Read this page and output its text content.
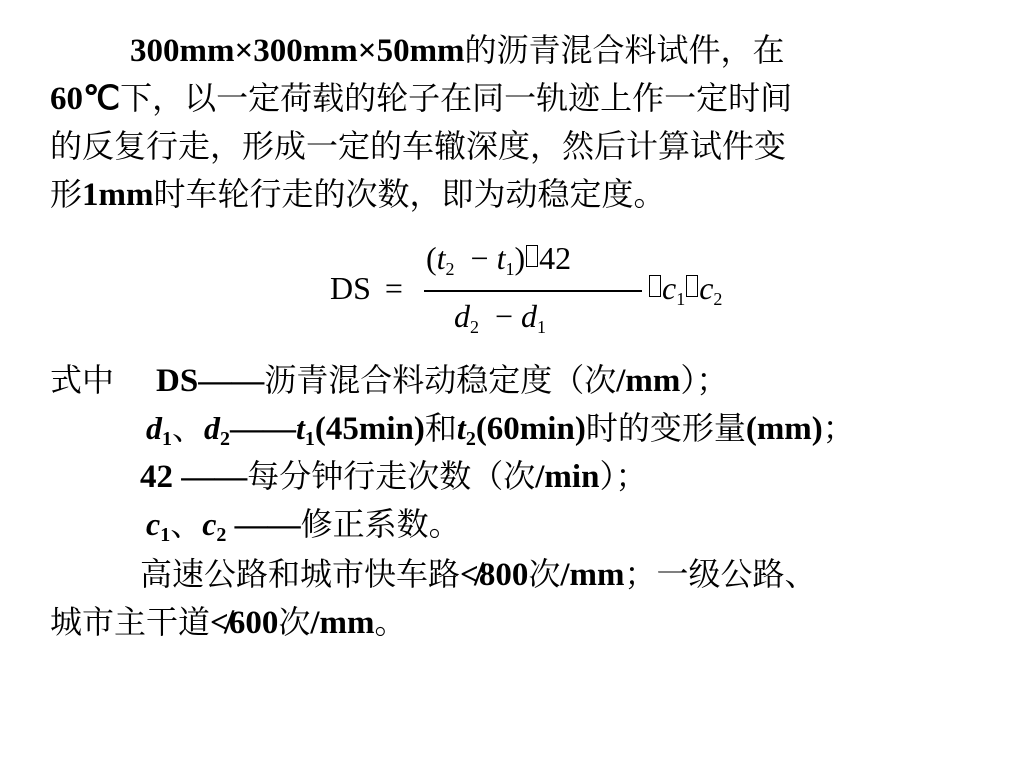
300mm×300mm×50mm的沥青混合料试件，在
60℃下，以一定荷载的轮子在同一轨迹上作一定时间
的反复行走，形成一定的车辙深度，然后计算试件变
形1mm时车轮行走的次数，即为动稳定度。
DS =
(t2 − t1) 42
d2 − d1
c1 c2
式中 DS——沥青混合料动稳定度（次/mm）；
$d_1$、$d_2——t_1(45\min)$和$t_2(60\min)$时的变形量(mm)；
42 ——每分钟行走次数（次/min）；
$c_1$、$c_2$ ——修正系数。
高速公路和城市快车路≮800次/mm；一级公路、
城市主干道≮600次/mm。
